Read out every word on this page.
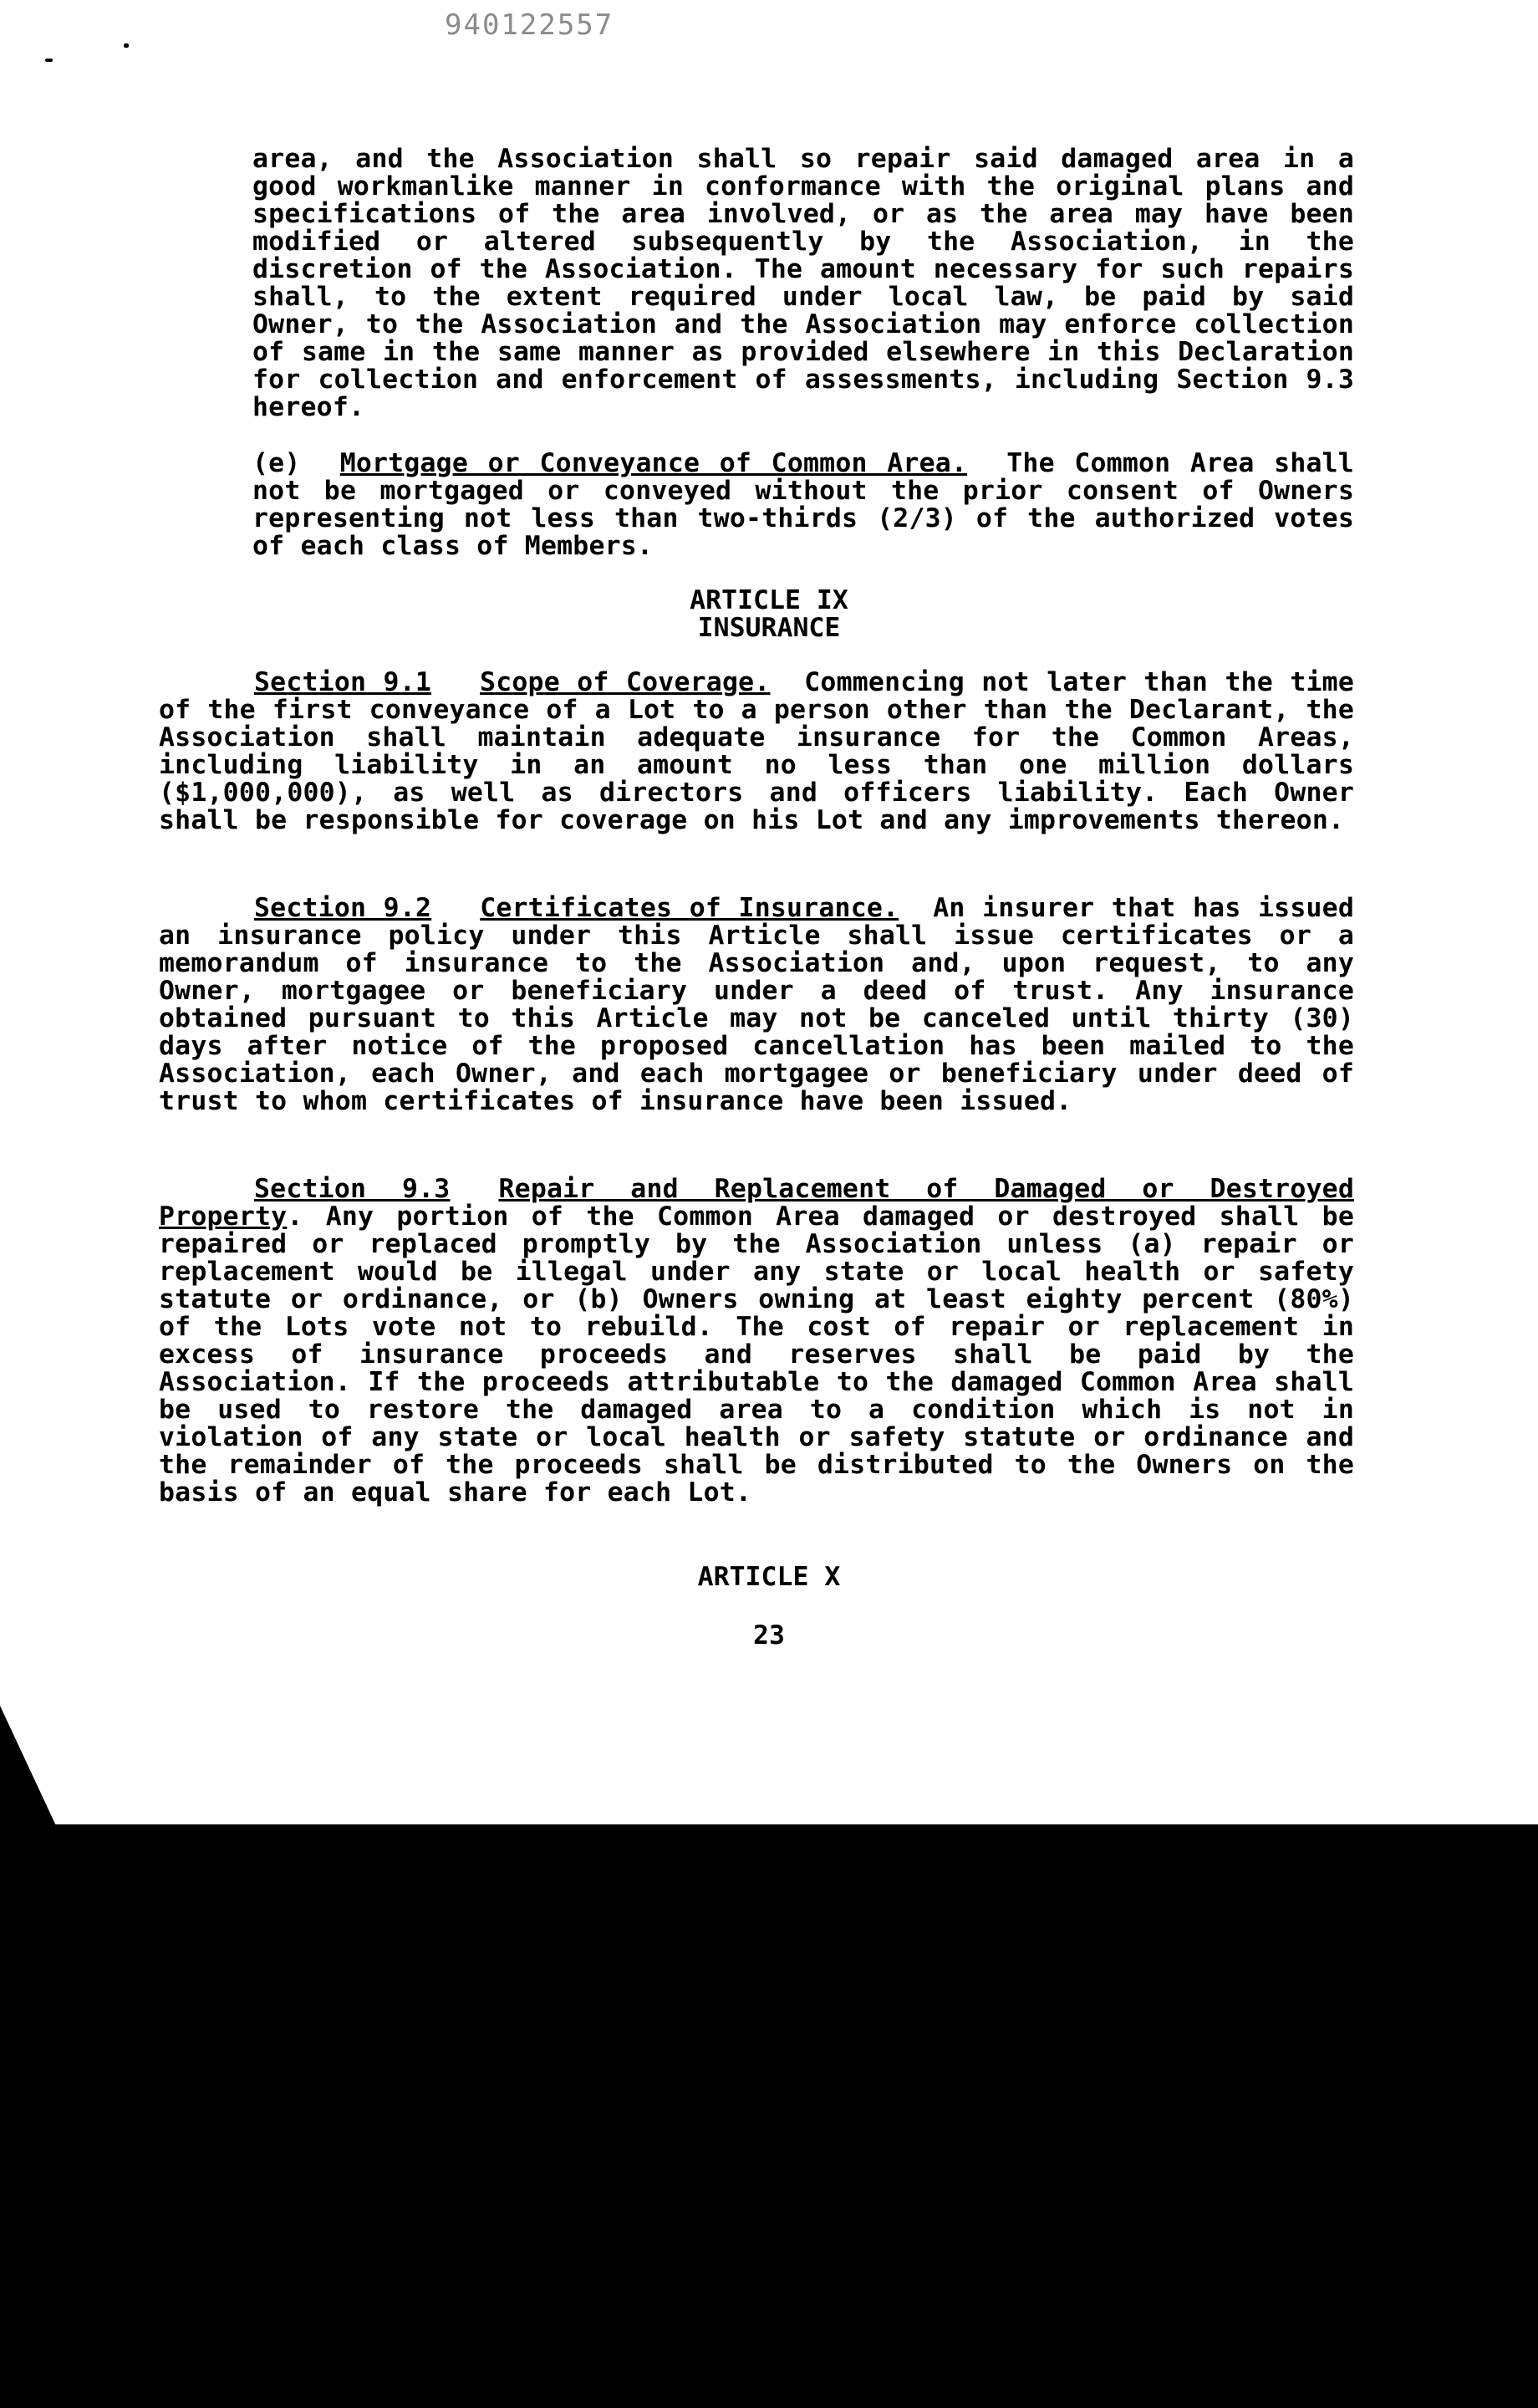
940122557

area, and the Association shall so repair said damaged area in a good workmanlike manner in conformance with the original plans and specifications of the area involved, or as the area may have been modified or altered subsequently by the Association, in the discretion of the Association. The amount necessary for such repairs shall, to the extent required under local law, be paid by said Owner, to the Association and the Association may enforce collection of same in the same manner as provided elsewhere in this Declaration for collection and enforcement of assessments, including Section 9.3 hereof.

(e) Mortgage or Conveyance of Common Area. The Common Area shall not be mortgaged or conveyed without the prior consent of Owners representing not less than two-thirds (2/3) of the authorized votes of each class of Members.

ARTICLE IX
INSURANCE

Section 9.1 Scope of Coverage. Commencing not later than the time of the first conveyance of a Lot to a person other than the Declarant, the Association shall maintain adequate insurance for the Common Areas, including liability in an amount no less than one million dollars ($1,000,000), as well as directors and officers liability. Each Owner shall be responsible for coverage on his Lot and any improvements thereon.

Section 9.2 Certificates of Insurance. An insurer that has issued an insurance policy under this Article shall issue certificates or a memorandum of insurance to the Association and, upon request, to any Owner, mortgagee or beneficiary under a deed of trust. Any insurance obtained pursuant to this Article may not be canceled until thirty (30) days after notice of the proposed cancellation has been mailed to the Association, each Owner, and each mortgagee or beneficiary under deed of trust to whom certificates of insurance have been issued.

Section 9.3 Repair and Replacement of Damaged or Destroyed Property. Any portion of the Common Area damaged or destroyed shall be repaired or replaced promptly by the Association unless (a) repair or replacement would be illegal under any state or local health or safety statute or ordinance, or (b) Owners owning at least eighty percent (80%) of the Lots vote not to rebuild. The cost of repair or replacement in excess of insurance proceeds and reserves shall be paid by the Association. If the proceeds attributable to the damaged Common Area shall be used to restore the damaged area to a condition which is not in violation of any state or local health or safety statute or ordinance and the remainder of the proceeds shall be distributed to the Owners on the basis of an equal share for each Lot.

ARTICLE X
23
